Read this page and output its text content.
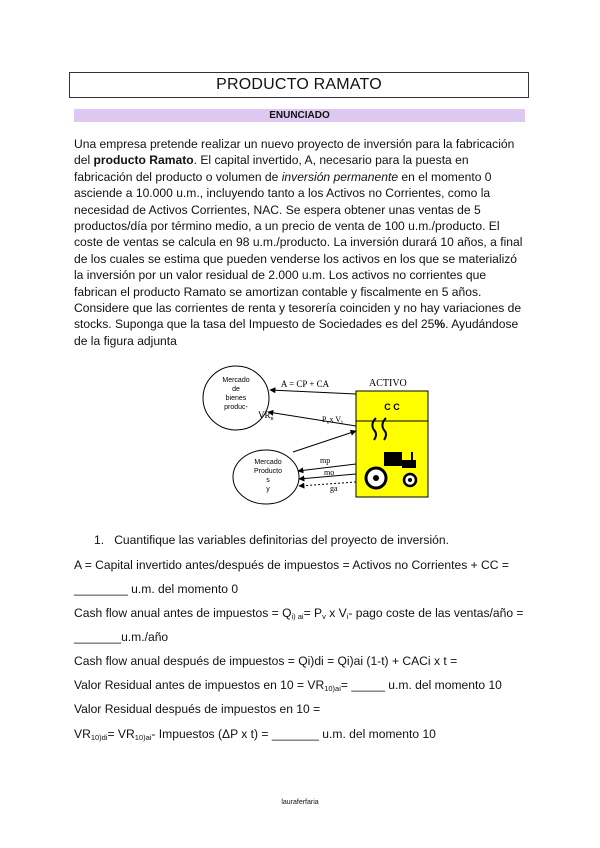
PRODUCTO RAMATO
ENUNCIADO

Una empresa pretende realizar un nuevo proyecto de inversión para la fabricación del producto Ramato. El capital invertido, A, necesario para la puesta en fabricación del producto o volumen de inversión permanente en el momento 0 asciende a 10.000 u.m., incluyendo tanto a los Activos no Corrientes, como la necesidad de Activos Corrientes, NAC. Se espera obtener unas ventas de 5 productos/día por término medio, a un precio de venta de 100 u.m./producto. El coste de ventas se calcula en 98 u.m./producto. La inversión durará 10 años, a final de los cuales se estima que pueden venderse los activos en los que se materializó la inversión por un valor residual de 2.000 u.m. Los activos no corrientes que fabrican el producto Ramato se amortizan contable y fiscalmente en 5 años. Considere que las corrientes de renta y tesorería coinciden y no hay variaciones de stocks. Suponga que la tasa del Impuesto de Sociedades es del 25%. Ayudándose de la figura adjunta

Mercado
de
bienes
produc-
Mercado
Producto
s
y
ACTIVO
C C
A = CP + CA
$VR_n$	$P_vx$ $V_i$
mp
mo
ga

1. Cuantifique las variables definitorias del proyecto de inversión.

A = Capital invertido antes/después de impuestos = Activos no Corrientes + CC =

________ u.m. del momento 0

Cash flow anual antes de impuestos = $Q_{i) ai}= P_v$ x $V_i-$ pago coste de las ventas/año =

_______u.m./año

Cash flow anual después de impuestos = Qi)di = Qi)ai (1-t) + CACi x t =

Valor Residual antes de impuestos en $10 = VR_{10)ai}=$ _____ u.m. del momento 10

Valor Residual después de impuestos en 10 =

$VR_{10)di}= VR_{10)ai}-$ Impuestos (ΔP x t) = _______ u.m. del momento 10

lauraferfaria
